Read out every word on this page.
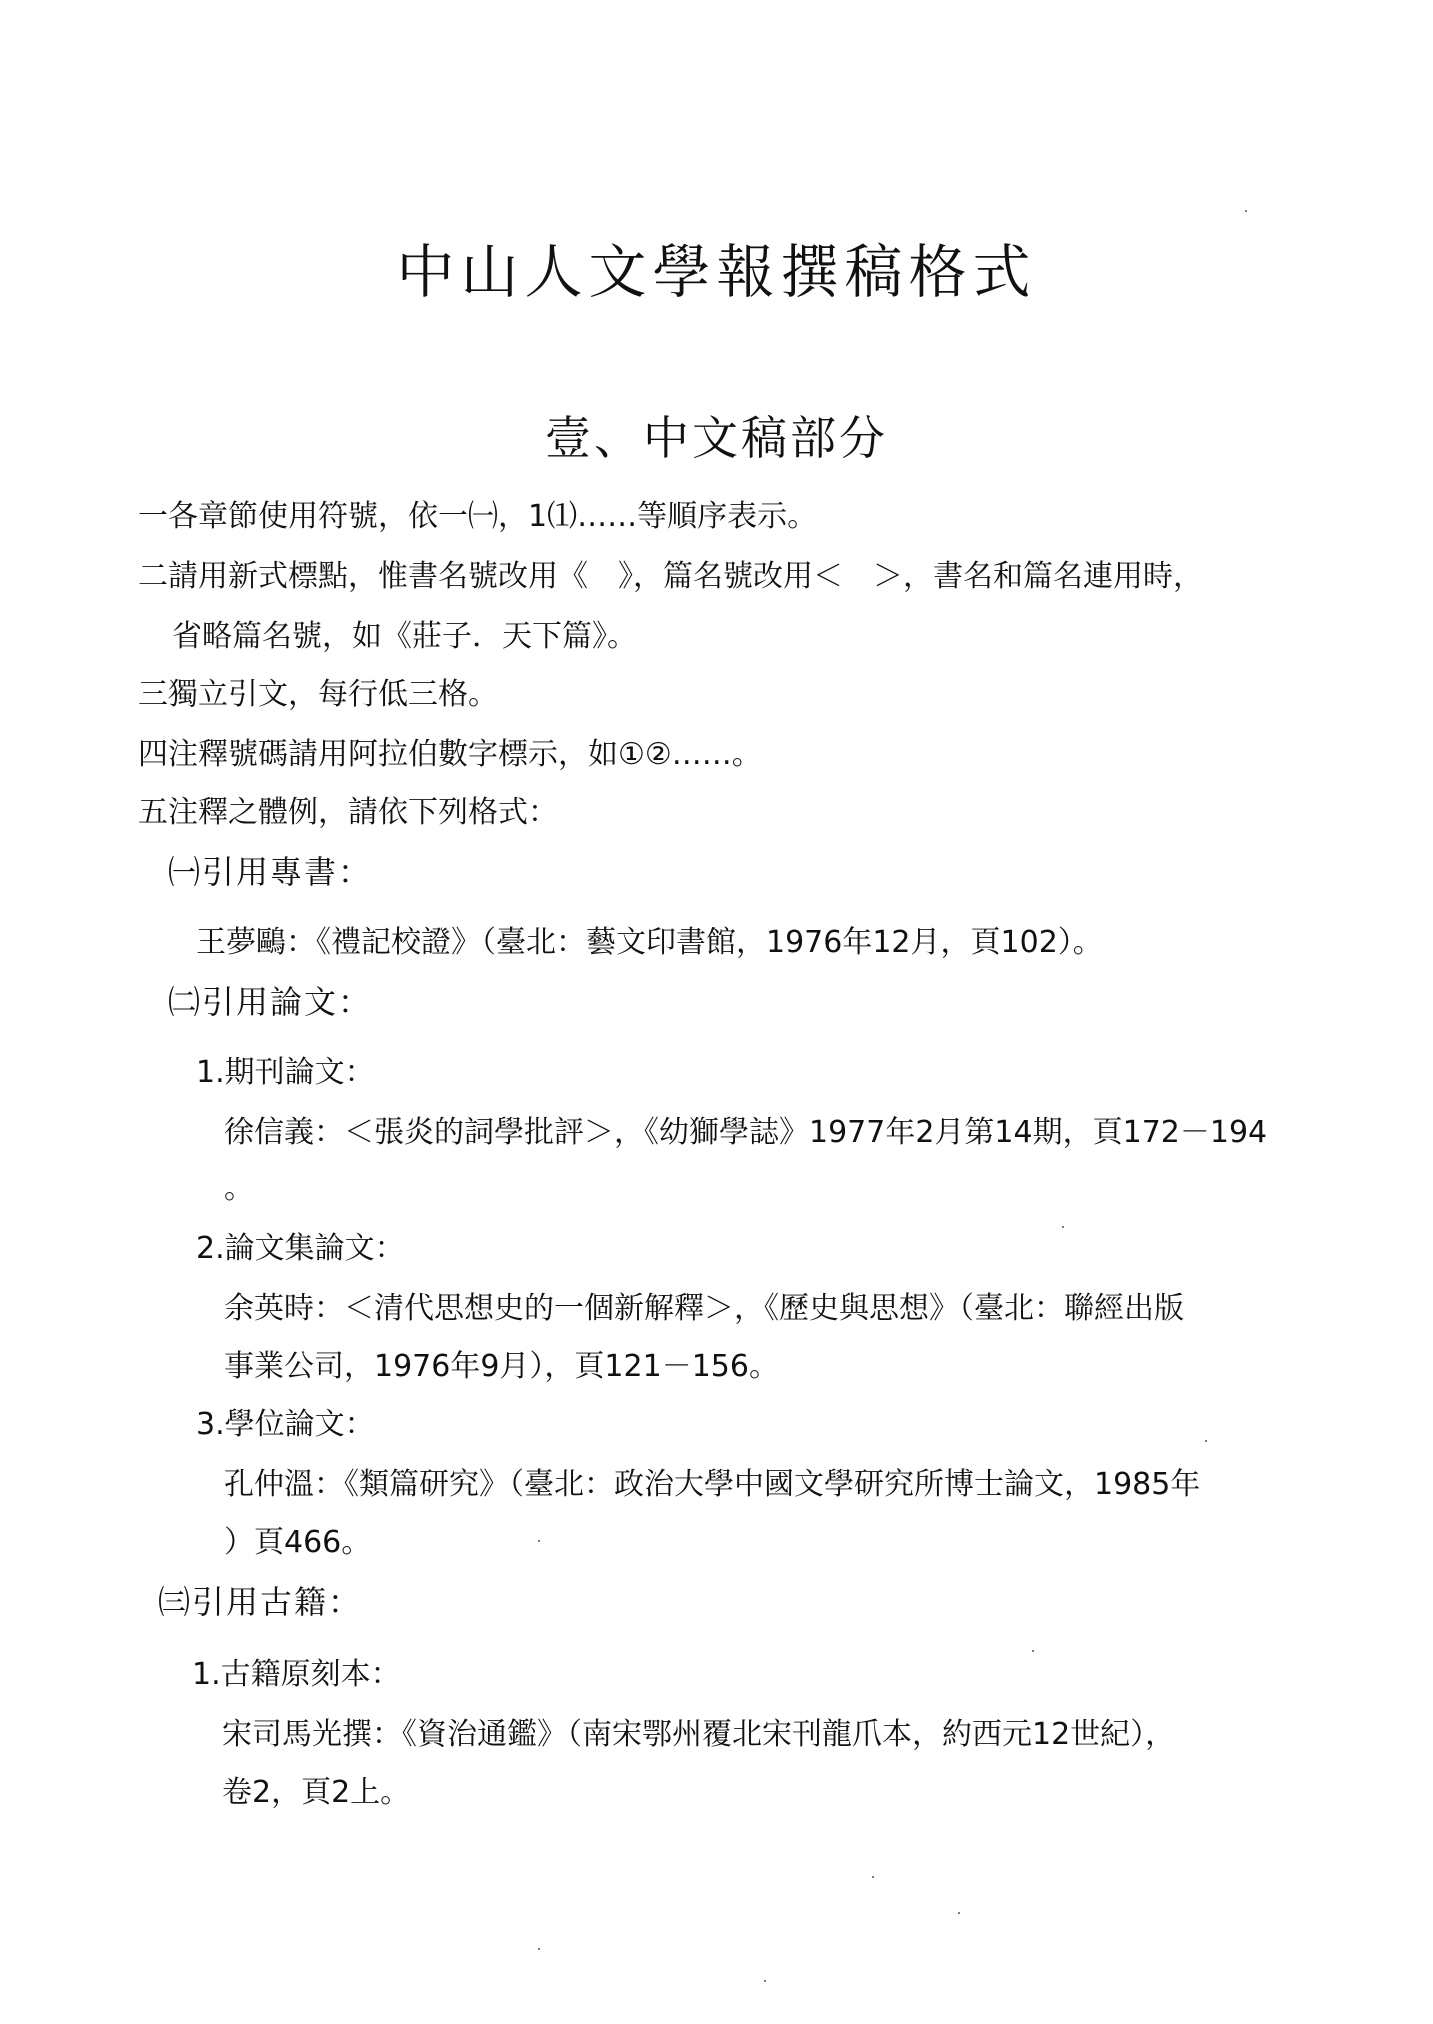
中山人文學報撰稿格式
壹、中文稿部分
一各章節使用符號，依一㈠，1⑴……等順序表示。
二請用新式標點，惟書名號改用《　》，篇名號改用＜　＞，書名和篇名連用時，
省略篇名號，如《莊子．天下篇》。
三獨立引文，每行低三格。
四注釋號碼請用阿拉伯數字標示，如①②……。
五注釋之體例，請依下列格式：
㈠引用專書：
王夢鷗：《禮記校證》（臺北：藝文印書館，1976年12月，頁102）。
㈡引用論文：
1.期刊論文：
徐信義：＜張炎的詞學批評＞，《幼獅學誌》1977年2月第14期，頁172－194
。
2.論文集論文：
余英時：＜清代思想史的一個新解釋＞，《歷史與思想》（臺北：聯經出版
事業公司，1976年9月），頁121－156。
3.學位論文：
孔仲溫：《類篇研究》（臺北：政治大學中國文學研究所博士論文，1985年
）頁466。
㈢引用古籍：
1.古籍原刻本：
宋司馬光撰：《資治通鑑》（南宋鄂州覆北宋刊龍爪本，約西元12世紀），
卷2，頁2上。
